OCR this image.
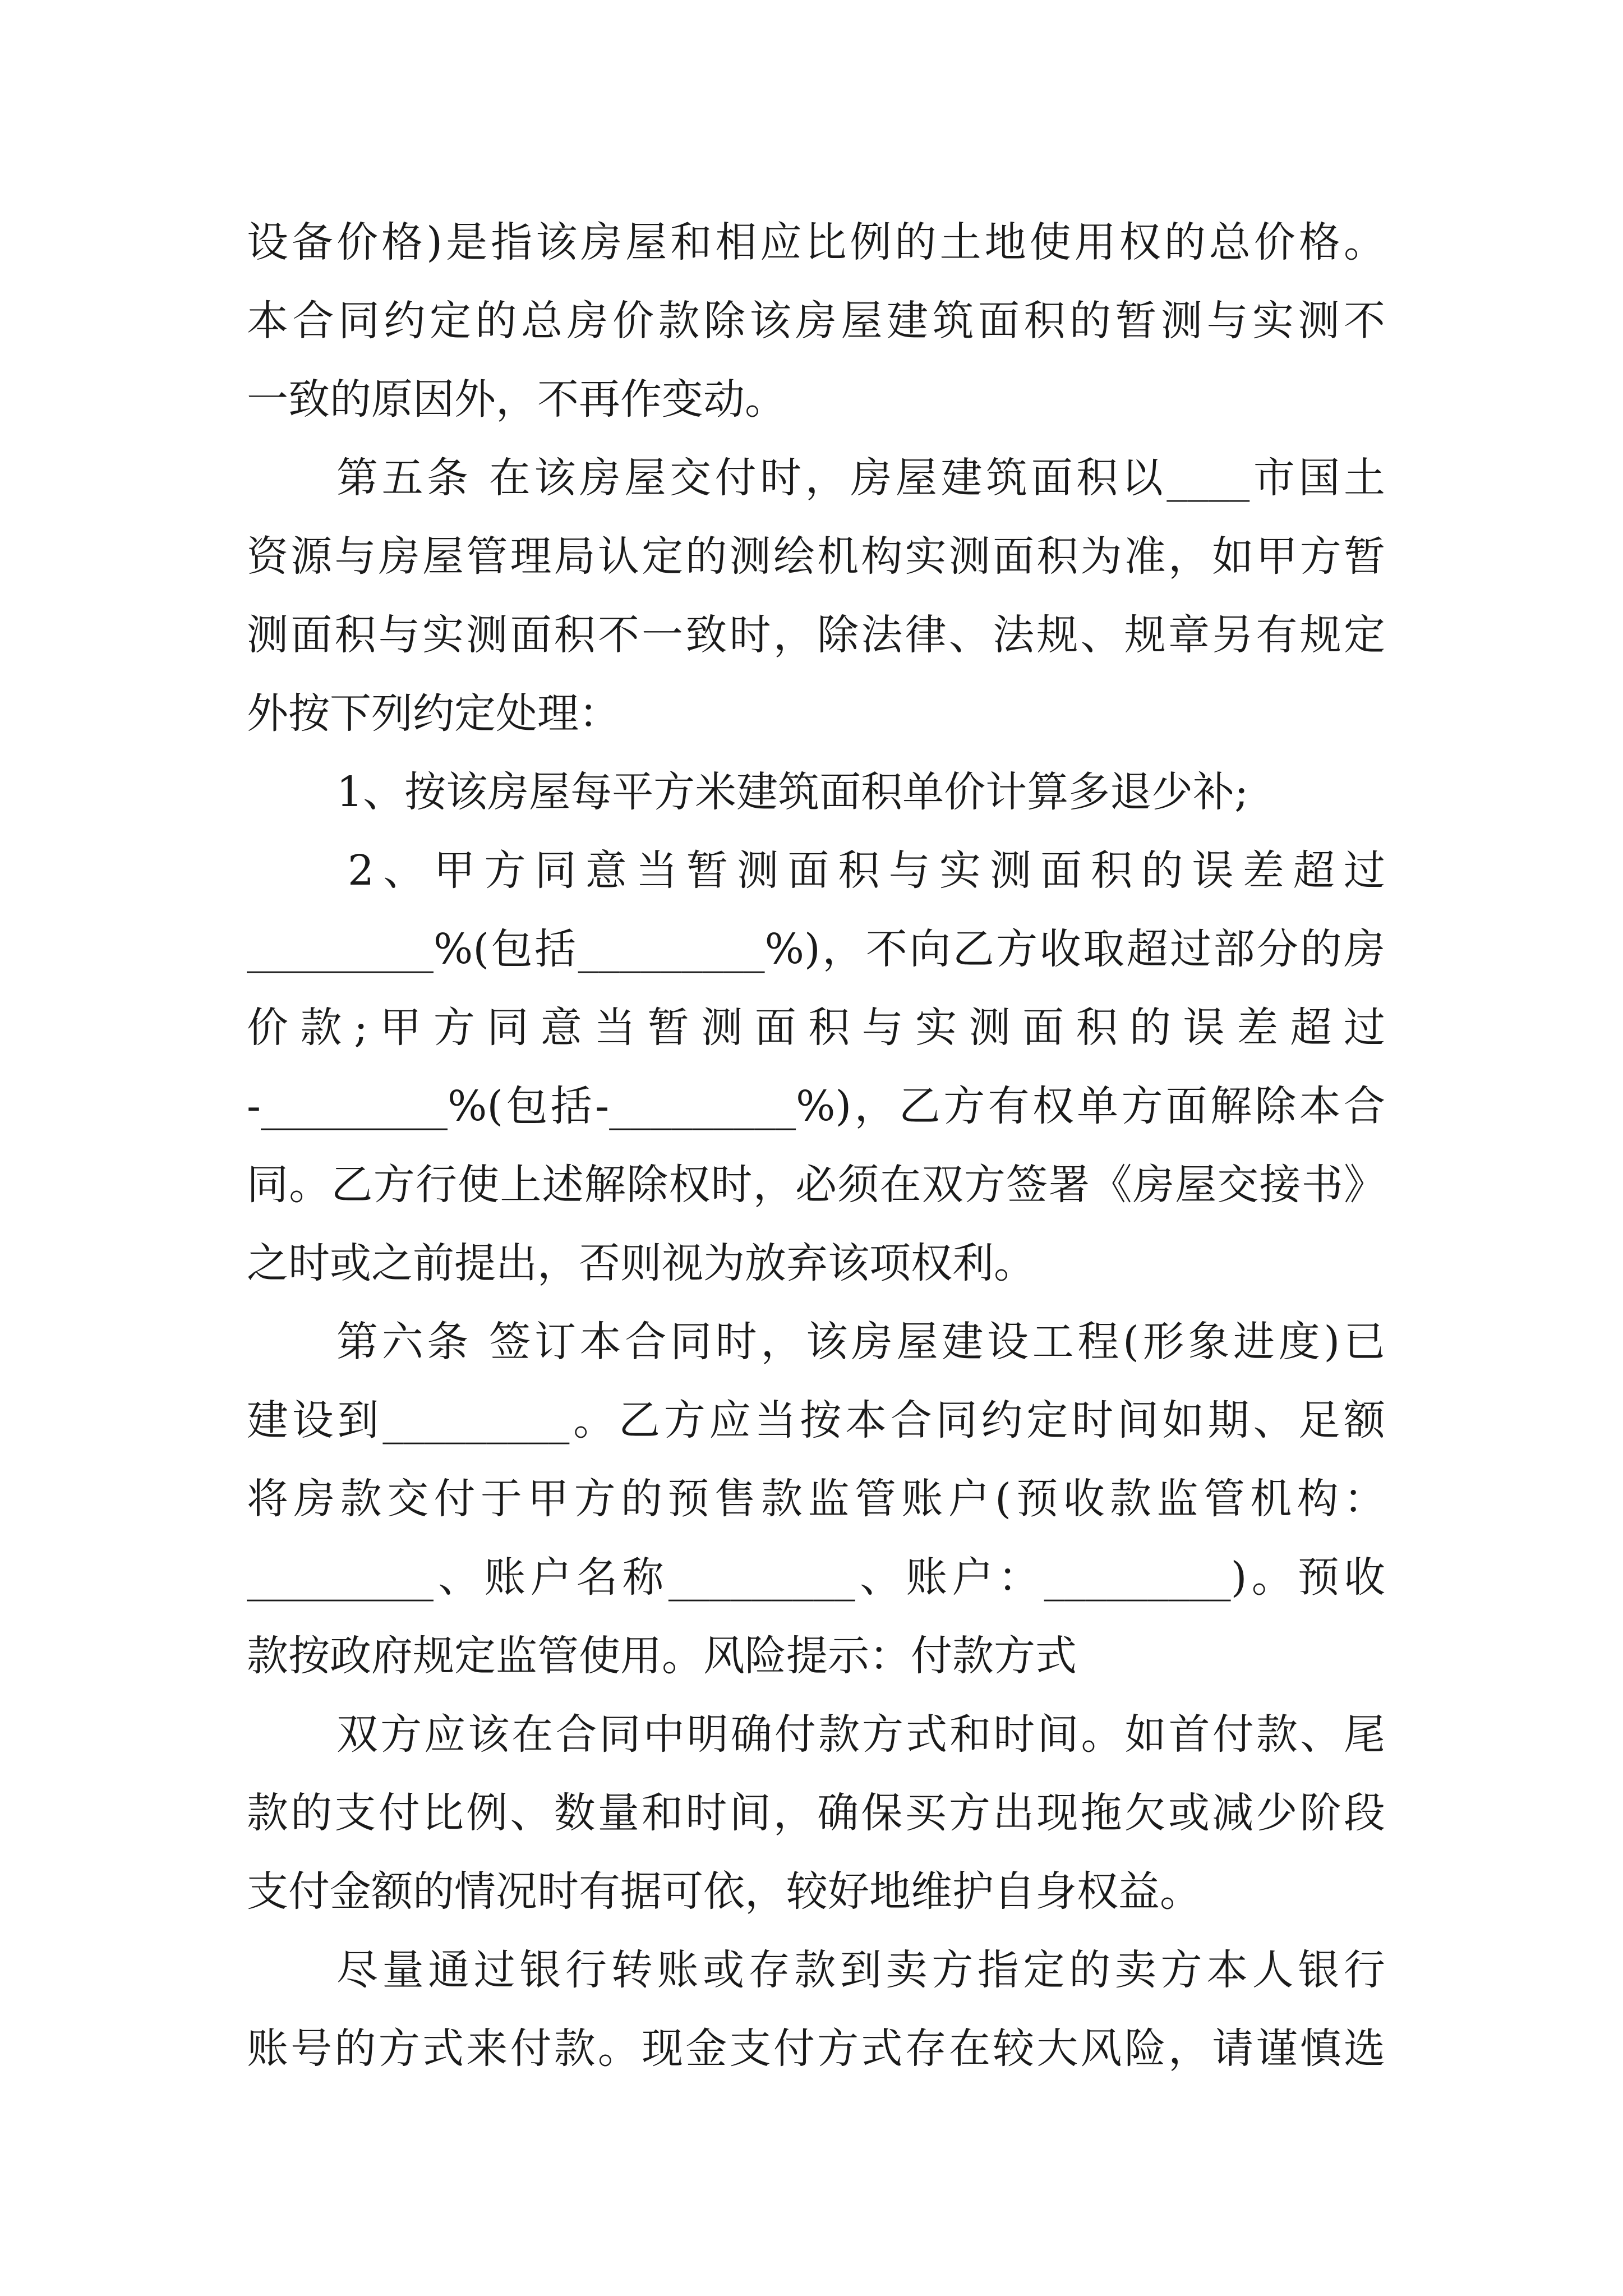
设备价格)是指该房屋和相应比例的土地使用权的总价格。
本合同约定的总房价款除该房屋建筑面积的暂测与实测不
一致的原因外，不再作变动。
第五条 在该房屋交付时，房屋建筑面积以____市国土
资源与房屋管理局认定的测绘机构实测面积为准，如甲方暂
测面积与实测面积不一致时，除法律、法规、规章另有规定
外按下列约定处理：
1、按该房屋每平方米建筑面积单价计算多退少补;
2、甲方同意当暂测面积与实测面积的误差超过
_________%(包括_________%)，不向乙方收取超过部分的房
价款;甲方同意当暂测面积与实测面积的误差超过
-_________%(包括-_________%)，乙方有权单方面解除本合
同。乙方行使上述解除权时，必须在双方签署《房屋交接书》
之时或之前提出，否则视为放弃该项权利。
第六条 签订本合同时，该房屋建设工程(形象进度)已
建设到_________。乙方应当按本合同约定时间如期、足额
将房款交付于甲方的预售款监管账户(预收款监管机构：
_________、账户名称_________、账户：_________)。预收
款按政府规定监管使用。风险提示：付款方式
双方应该在合同中明确付款方式和时间。如首付款、尾
款的支付比例、数量和时间，确保买方出现拖欠或减少阶段
支付金额的情况时有据可依，较好地维护自身权益。
尽量通过银行转账或存款到卖方指定的卖方本人银行
账号的方式来付款。现金支付方式存在较大风险，请谨慎选
